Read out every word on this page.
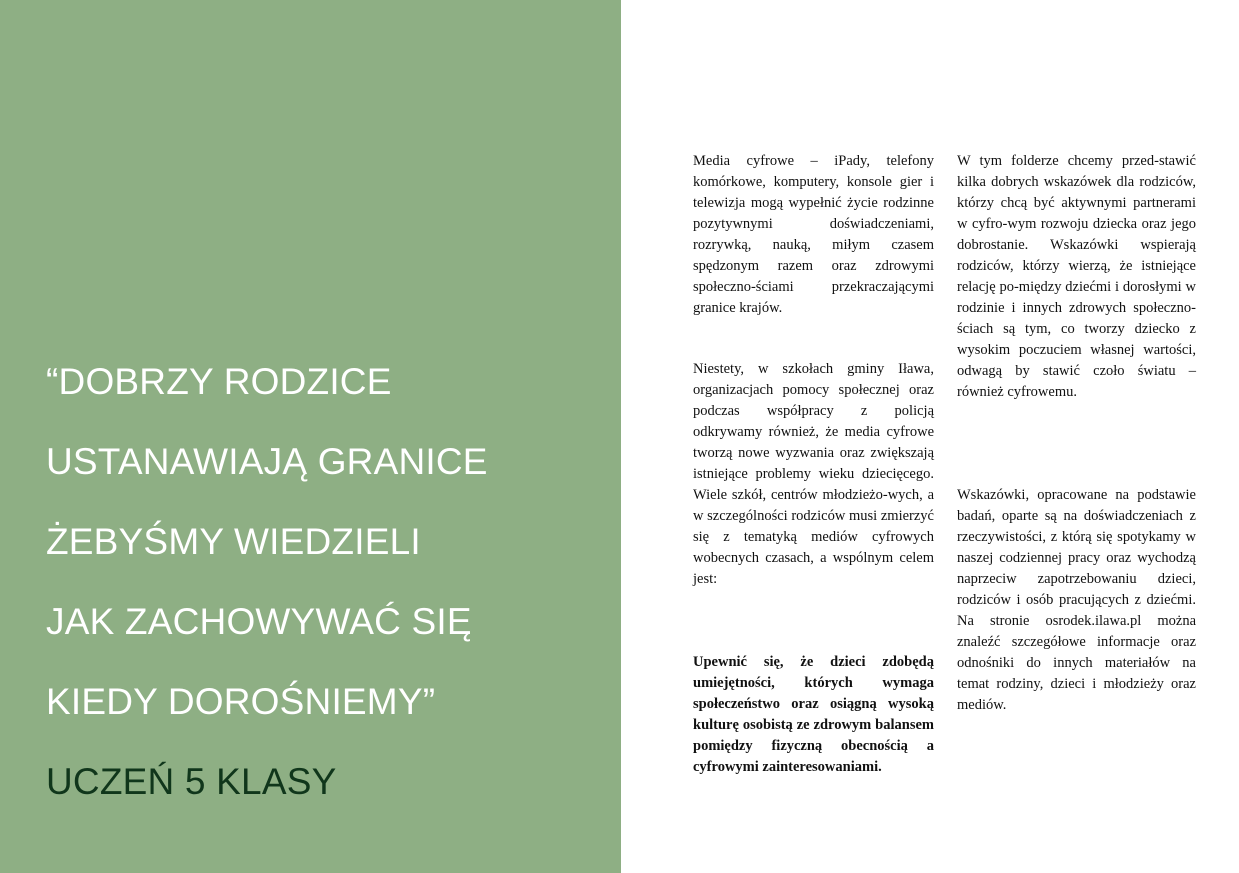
“DOBRZY RODZICE
USTANAWIAJĄ GRANICE
ŻEBYŚMY WIEDZIELI
JAK ZACHOWYWAĆ SIĘ
KIEDY DOROŚNIEMY”
UCZEŃ 5 KLASY

Media cyfrowe – iPady, telefony komórkowe, komputery, konsole gier i telewizja mogą wypełnić życie rodzinne pozytywnymi doświadczeniami, rozrywką, nauką, miłym czasem spędzonym razem oraz zdrowymi społeczno-ściami przekraczającymi granice krajów.

Niestety, w szkołach gminy Iława, organizacjach pomocy społecznej oraz podczas współpracy z policją odkrywamy również, że media cyfrowe tworzą nowe wyzwania oraz zwiększają istniejące problemy wieku dziecięcego. Wiele szkół, centrów młodzieżo-wych, a w szczególności rodziców musi zmierzyć się z tematyką mediów cyfrowych wobecnych czasach, a wspólnym celem jest:

Upewnić się, że dzieci zdobędą umiejętności, których wymaga społeczeństwo oraz osiągną wysoką kulturę osobistą ze zdrowym balansem pomiędzy fizyczną obecnością a cyfrowymi zainteresowaniami.

W tym folderze chcemy przed-stawić kilka dobrych wskazówek dla rodziców, którzy chcą być aktywnymi partnerami w cyfro-wym rozwoju dziecka oraz jego dobrostanie. Wskazówki wspierają rodziców, którzy wierzą, że istniejące relację po-między dziećmi i dorosłymi w rodzinie i innych zdrowych społeczno-ściach są tym, co tworzy dziecko z wysokim poczuciem własnej wartości, odwagą by stawić czoło światu – również cyfrowemu.

Wskazówki, opracowane na podstawie badań, oparte są na doświadczeniach z rzeczywistości, z którą się spotykamy w naszej codziennej pracy oraz wychodzą naprzeciw zapotrzebowaniu dzieci, rodziców i osób pracujących z dziećmi. Na stronie osrodek.ilawa.pl można znaleźć szczegółowe informacje oraz odnośniki do innych materiałów na temat rodziny, dzieci i młodzieży oraz mediów.
